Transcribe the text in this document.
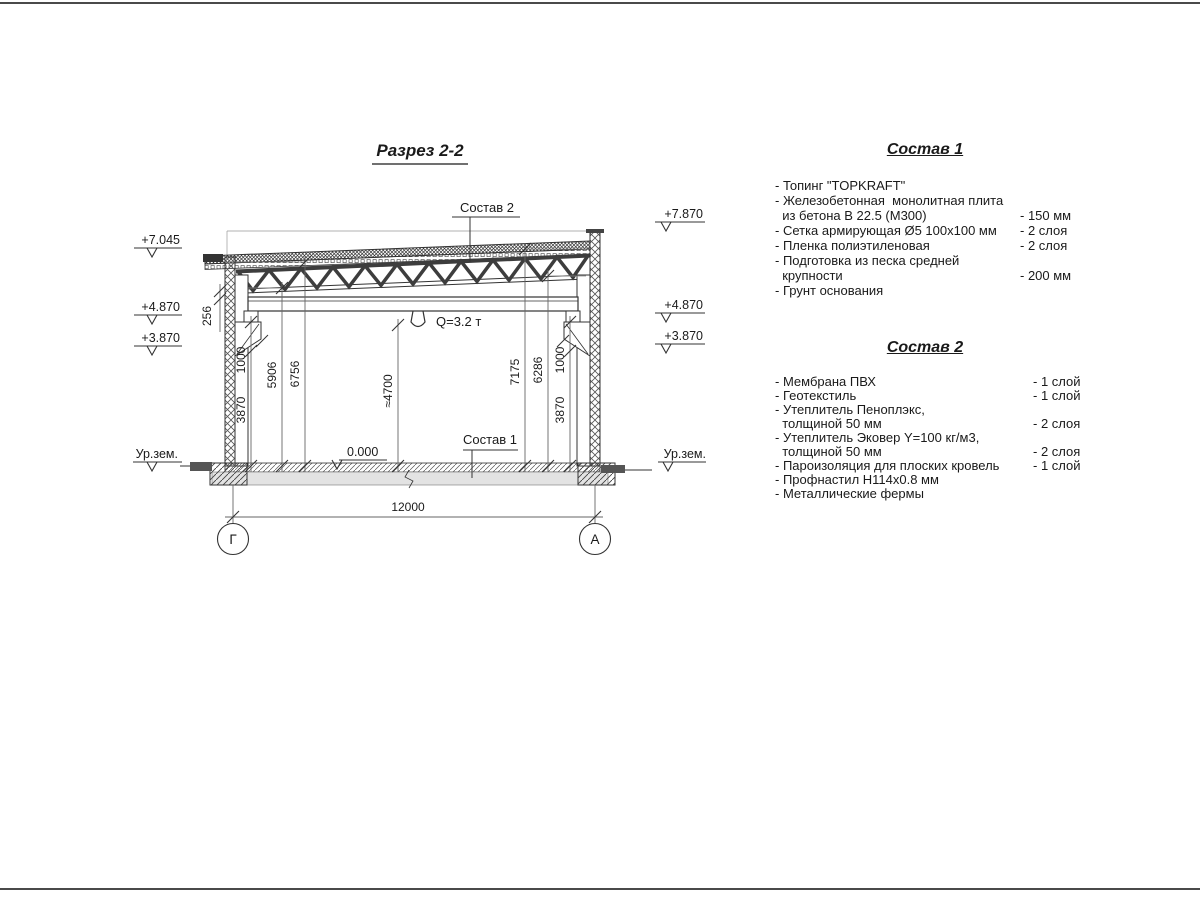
Разрез 2-2
Q=3.2 т
+7.045
+4.870
+3.870
Ур.зем.
+7.870
+4.870
+3.870
Ур.зем.
0.000
256
1000
3870
5906 6756
≈4700
7175 6286 1000
3870
12000
Г	А
Состав 2
Состав 1
Состав 1
- Топинг "TOPKRAFT"
- Железобетонная  монолитная плита
из бетона В 22.5 (М300)	- 150 мм
- Сетка армирующая Ø5 100х100 мм	- 2 слоя
- Пленка полиэтиленовая	- 2 слоя
- Подготовка из песка средней
крупности	- 200 мм
- Грунт основания
Состав 2
- Мембрана ПВХ	- 1 слой
- Геотекстиль	- 1 слой
- Утеплитель Пеноплэкс,
толщиной 50 мм	- 2 слоя
- Утеплитель Эковер Y=100 кг/м3,
толщиной 50 мм	- 2 слоя
- Пароизоляция для плоских кровель	- 1 слой
- Профнастил Н114х0.8 мм
- Металлические фермы
